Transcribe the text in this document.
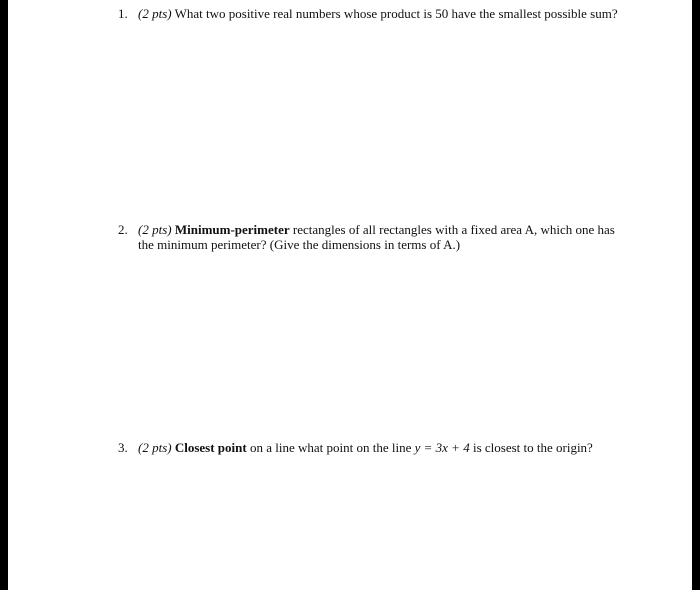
1. (2 pts) What two positive real numbers whose product is 50 have the smallest possible sum?
2. (2 pts) Minimum-perimeter rectangles of all rectangles with a fixed area A, which one has the minimum perimeter? (Give the dimensions in terms of A.)
3. (2 pts) Closest point on a line what point on the line y = 3x + 4 is closest to the origin?
